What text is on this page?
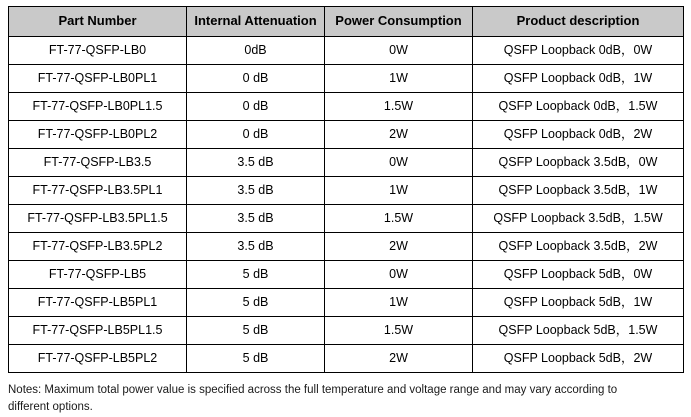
Part Number	Internal Attenuation	Power Consumption	Product description
FT-77-QSFP-LB0	0dB	0W	QSFP Loopback 0dB，0W
FT-77-QSFP-LB0PL1	0 dB	1W	QSFP Loopback 0dB，1W
FT-77-QSFP-LB0PL1.5	0 dB	1.5W	QSFP Loopback 0dB，1.5W
FT-77-QSFP-LB0PL2	0 dB	2W	QSFP Loopback 0dB，2W
FT-77-QSFP-LB3.5	3.5 dB	0W	QSFP Loopback 3.5dB，0W
FT-77-QSFP-LB3.5PL1	3.5 dB	1W	QSFP Loopback 3.5dB，1W
FT-77-QSFP-LB3.5PL1.5	3.5 dB	1.5W	QSFP Loopback 3.5dB，1.5W
FT-77-QSFP-LB3.5PL2	3.5 dB	2W	QSFP Loopback 3.5dB，2W
FT-77-QSFP-LB5	5 dB	0W	QSFP Loopback 5dB，0W
FT-77-QSFP-LB5PL1	5 dB	1W	QSFP Loopback 5dB，1W
FT-77-QSFP-LB5PL1.5	5 dB	1.5W	QSFP Loopback 5dB，1.5W
FT-77-QSFP-LB5PL2	5 dB	2W	QSFP Loopback 5dB，2W
Notes: Maximum total power value is specified across the full temperature and voltage range and may vary according to
different options.
